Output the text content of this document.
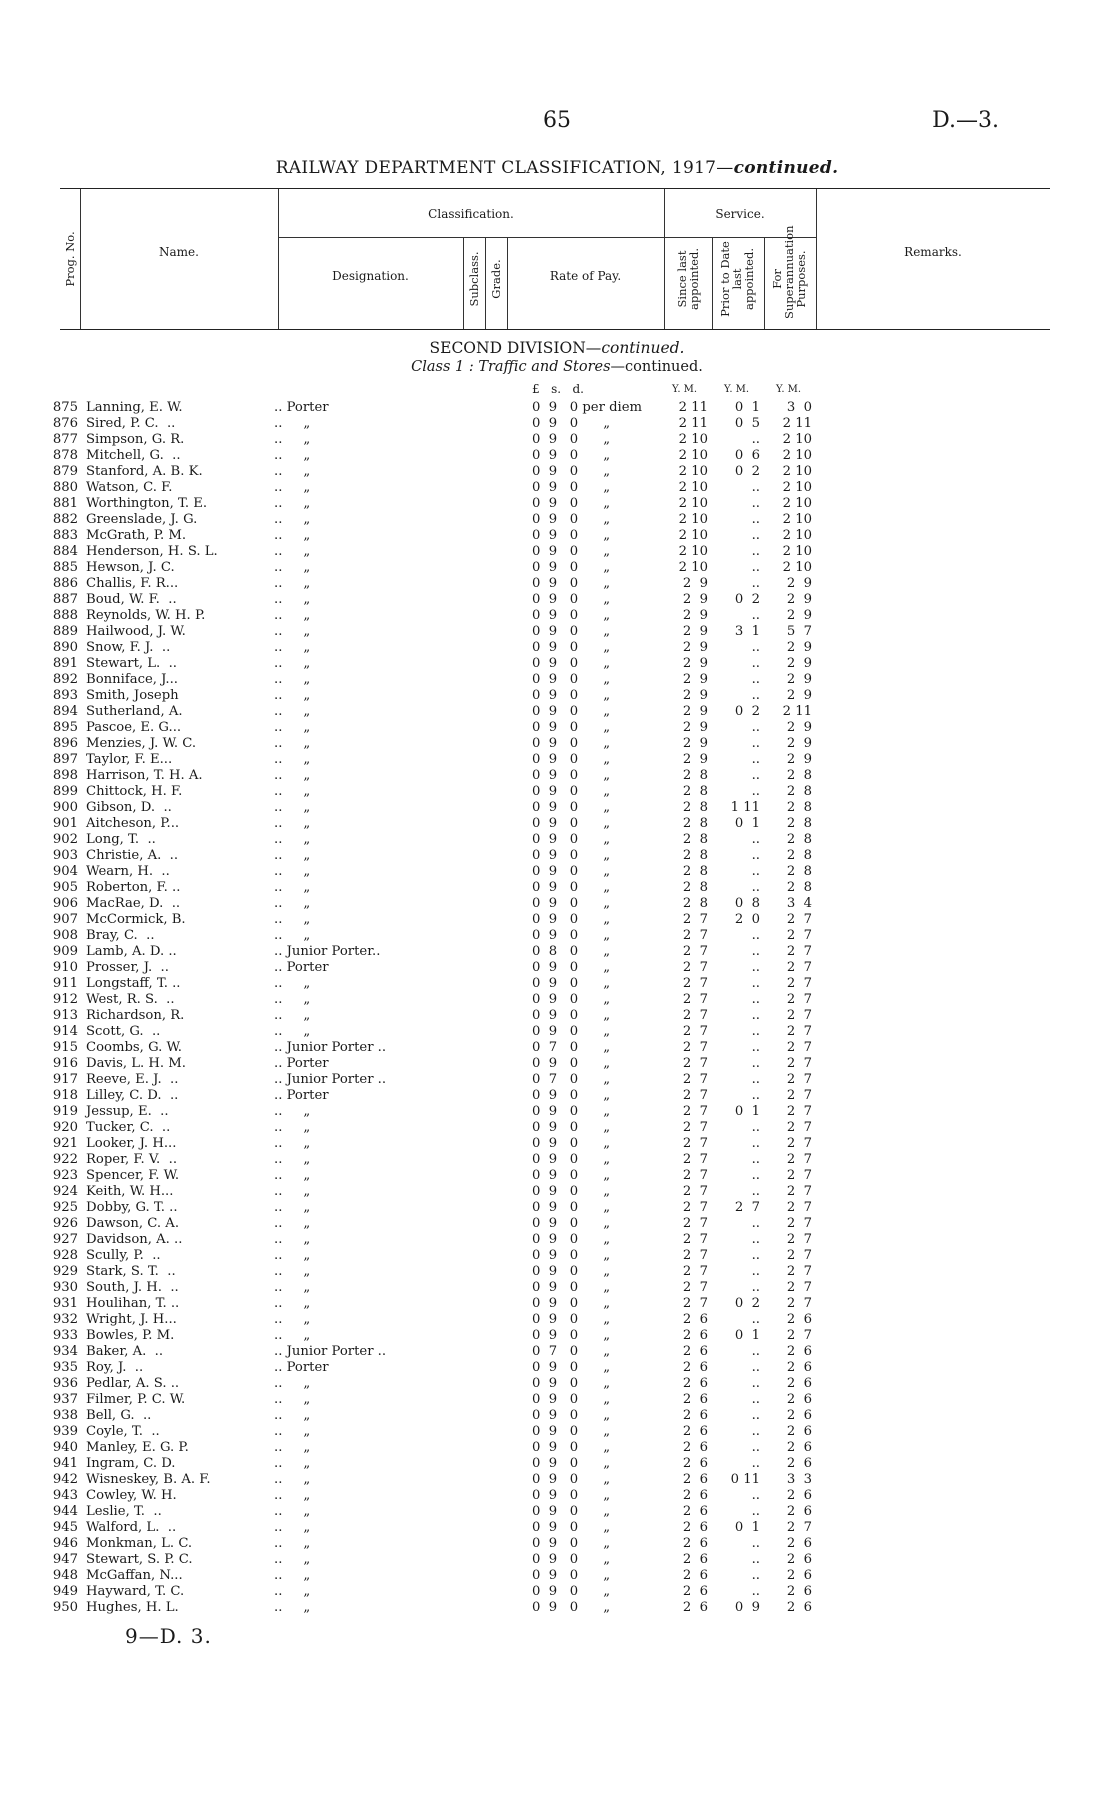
65	D.—3.
RAILWAY DEPARTMENT CLASSIFICATION, 1917—continued.
Prog. No.	Name.
Classification.
Designation.	Subclass. Grade.	Rate of Pay.
Service.
Since last appointed. Prior to Date last appointed. For Superannuation Purposes.	Remarks.
SECOND DIVISION—continued.
Class 1 : Traffic and Stores—continued.
£   s.   d.	Y. M.	Y. M.	Y. M.
875 Lanning, E. W.	.. Porter	0  9   0 per diem	2 11	0  1	3  0
876 Sired, P. C.  ..	..     „	0  9   0      „	2 11	0  5	2 11
877 Simpson, G. R.	..     „	0  9   0      „	2 10	..	2 10
878 Mitchell, G.  ..	..     „	0  9   0      „	2 10	0  6	2 10
879 Stanford, A. B. K.	..     „	0  9   0      „	2 10	0  2	2 10
880 Watson, C. F.	..     „	0  9   0      „	2 10	..	2 10
881 Worthington, T. E.	..     „	0  9   0      „	2 10	..	2 10
882 Greenslade, J. G.	..     „	0  9   0      „	2 10	..	2 10
883 McGrath, P. M.	..     „	0  9   0      „	2 10	..	2 10
884 Henderson, H. S. L.	..     „	0  9   0      „	2 10	..	2 10
885 Hewson, J. C.	..     „	0  9   0      „	2 10	..	2 10
886 Challis, F. R...	..     „	0  9   0      „	2  9	..	2  9
887 Boud, W. F.  ..	..     „	0  9   0      „	2  9	0  2	2  9
888 Reynolds, W. H. P.	..     „	0  9   0      „	2  9	..	2  9
889 Hailwood, J. W.	..     „	0  9   0      „	2  9	3  1	5  7
890 Snow, F. J.  ..	..     „	0  9   0      „	2  9	..	2  9
891 Stewart, L.  ..	..     „	0  9   0      „	2  9	..	2  9
892 Bonniface, J...	..     „	0  9   0      „	2  9	..	2  9
893 Smith, Joseph	..     „	0  9   0      „	2  9	..	2  9
894 Sutherland, A.	..     „	0  9   0      „	2  9	0  2	2 11
895 Pascoe, E. G...	..     „	0  9   0      „	2  9	..	2  9
896 Menzies, J. W. C.	..     „	0  9   0      „	2  9	..	2  9
897 Taylor, F. E...	..     „	0  9   0      „	2  9	..	2  9
898 Harrison, T. H. A.	..     „	0  9   0      „	2  8	..	2  8
899 Chittock, H. F.	..     „	0  9   0      „	2  8	..	2  8
900 Gibson, D.  ..	..     „	0  9   0      „	2  8	1 11	2  8
901 Aitcheson, P...	..     „	0  9   0      „	2  8	0  1	2  8
902 Long, T.  ..	..     „	0  9   0      „	2  8	..	2  8
903 Christie, A.  ..	..     „	0  9   0      „	2  8	..	2  8
904 Wearn, H.  ..	..     „	0  9   0      „	2  8	..	2  8
905 Roberton, F. ..	..     „	0  9   0      „	2  8	..	2  8
906 MacRae, D.  ..	..     „	0  9   0      „	2  8	0  8	3  4
907 McCormick, B.	..     „	0  9   0      „	2  7	2  0	2  7
908 Bray, C.  ..	..     „	0  9   0      „	2  7	..	2  7
909 Lamb, A. D. ..	.. Junior Porter..	0  8   0      „	2  7	..	2  7
910 Prosser, J.  ..	.. Porter	0  9   0      „	2  7	..	2  7
911 Longstaff, T. ..	..     „	0  9   0      „	2  7	..	2  7
912 West, R. S.  ..	..     „	0  9   0      „	2  7	..	2  7
913 Richardson, R.	..     „	0  9   0      „	2  7	..	2  7
914 Scott, G.  ..	..     „	0  9   0      „	2  7	..	2  7
915 Coombs, G. W.	.. Junior Porter ..	0  7   0      „	2  7	..	2  7
916 Davis, L. H. M.	.. Porter	0  9   0      „	2  7	..	2  7
917 Reeve, E. J.  ..	.. Junior Porter ..	0  7   0      „	2  7	..	2  7
918 Lilley, C. D.  ..	.. Porter	0  9   0      „	2  7	..	2  7
919 Jessup, E.  ..	..     „	0  9   0      „	2  7	0  1	2  7
920 Tucker, C.  ..	..     „	0  9   0      „	2  7	..	2  7
921 Looker, J. H...	..     „	0  9   0      „	2  7	..	2  7
922 Roper, F. V.  ..	..     „	0  9   0      „	2  7	..	2  7
923 Spencer, F. W.	..     „	0  9   0      „	2  7	..	2  7
924 Keith, W. H...	..     „	0  9   0      „	2  7	..	2  7
925 Dobby, G. T. ..	..     „	0  9   0      „	2  7	2  7	2  7
926 Dawson, C. A.	..     „	0  9   0      „	2  7	..	2  7
927 Davidson, A. ..	..     „	0  9   0      „	2  7	..	2  7
928 Scully, P.  ..	..     „	0  9   0      „	2  7	..	2  7
929 Stark, S. T.  ..	..     „	0  9   0      „	2  7	..	2  7
930 South, J. H.  ..	..     „	0  9   0      „	2  7	..	2  7
931 Houlihan, T. ..	..     „	0  9   0      „	2  7	0  2	2  7
932 Wright, J. H...	..     „	0  9   0      „	2  6	..	2  6
933 Bowles, P. M.	..     „	0  9   0      „	2  6	0  1	2  7
934 Baker, A.  ..	.. Junior Porter ..	0  7   0      „	2  6	..	2  6
935 Roy, J.  ..	.. Porter	0  9   0      „	2  6	..	2  6
936 Pedlar, A. S. ..	..     „	0  9   0      „	2  6	..	2  6
937 Filmer, P. C. W.	..     „	0  9   0      „	2  6	..	2  6
938 Bell, G.  ..	..     „	0  9   0      „	2  6	..	2  6
939 Coyle, T.  ..	..     „	0  9   0      „	2  6	..	2  6
940 Manley, E. G. P.	..     „	0  9   0      „	2  6	..	2  6
941 Ingram, C. D.	..     „	0  9   0      „	2  6	..	2  6
942 Wisneskey, B. A. F.	..     „	0  9   0      „	2  6	0 11	3  3
943 Cowley, W. H.	..     „	0  9   0      „	2  6	..	2  6
944 Leslie, T.  ..	..     „	0  9   0      „	2  6	..	2  6
945 Walford, L.  ..	..     „	0  9   0      „	2  6	0  1	2  7
946 Monkman, L. C.	..     „	0  9   0      „	2  6	..	2  6
947 Stewart, S. P. C.	..     „	0  9   0      „	2  6	..	2  6
948 McGaffan, N...	..     „	0  9   0      „	2  6	..	2  6
949 Hayward, T. C.	..     „	0  9   0      „	2  6	..	2  6
950 Hughes, H. L.	..     „	0  9   0      „	2  6	0  9	2  6
9—D. 3.
